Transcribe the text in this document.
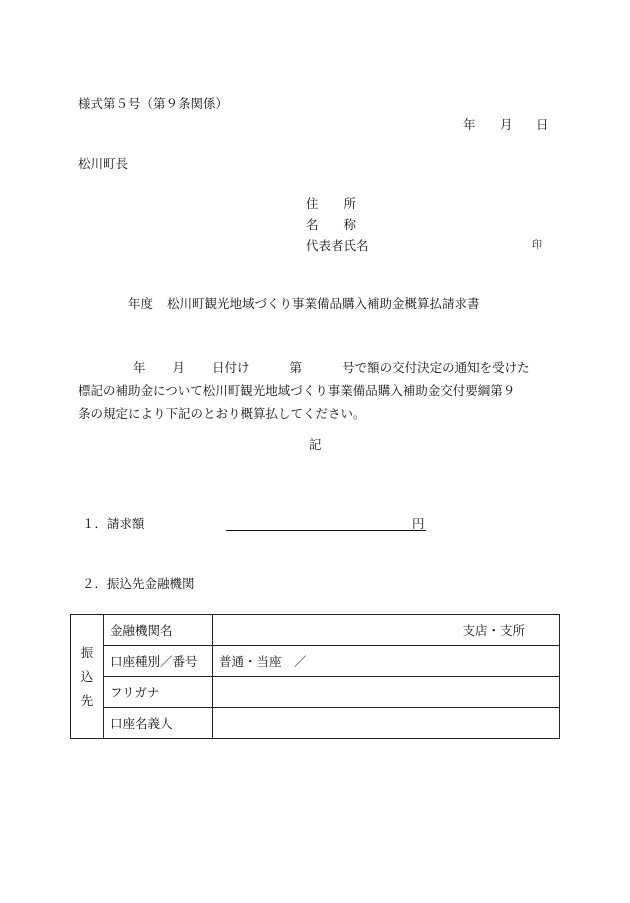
様式第５号（第９条関係）
年 月 日
松川町長
住　　所
名　　称
代表者氏名	印
年度 松川町観光地域づくり事業備品購入補助金概算払請求書
年 月 日付け	第	号で額の交付決定の通知を受けた
標記の補助金について松川町観光地域づくり事業備品購入補助金交付要綱第９
条の規定により下記のとおり概算払してください。
記
１．請求額	円
２．振込先金融機関
振
込
先	金融機関名	支店・支所
	口座種別／番号	普通・当座　／
	フリガナ	
	口座名義人	
